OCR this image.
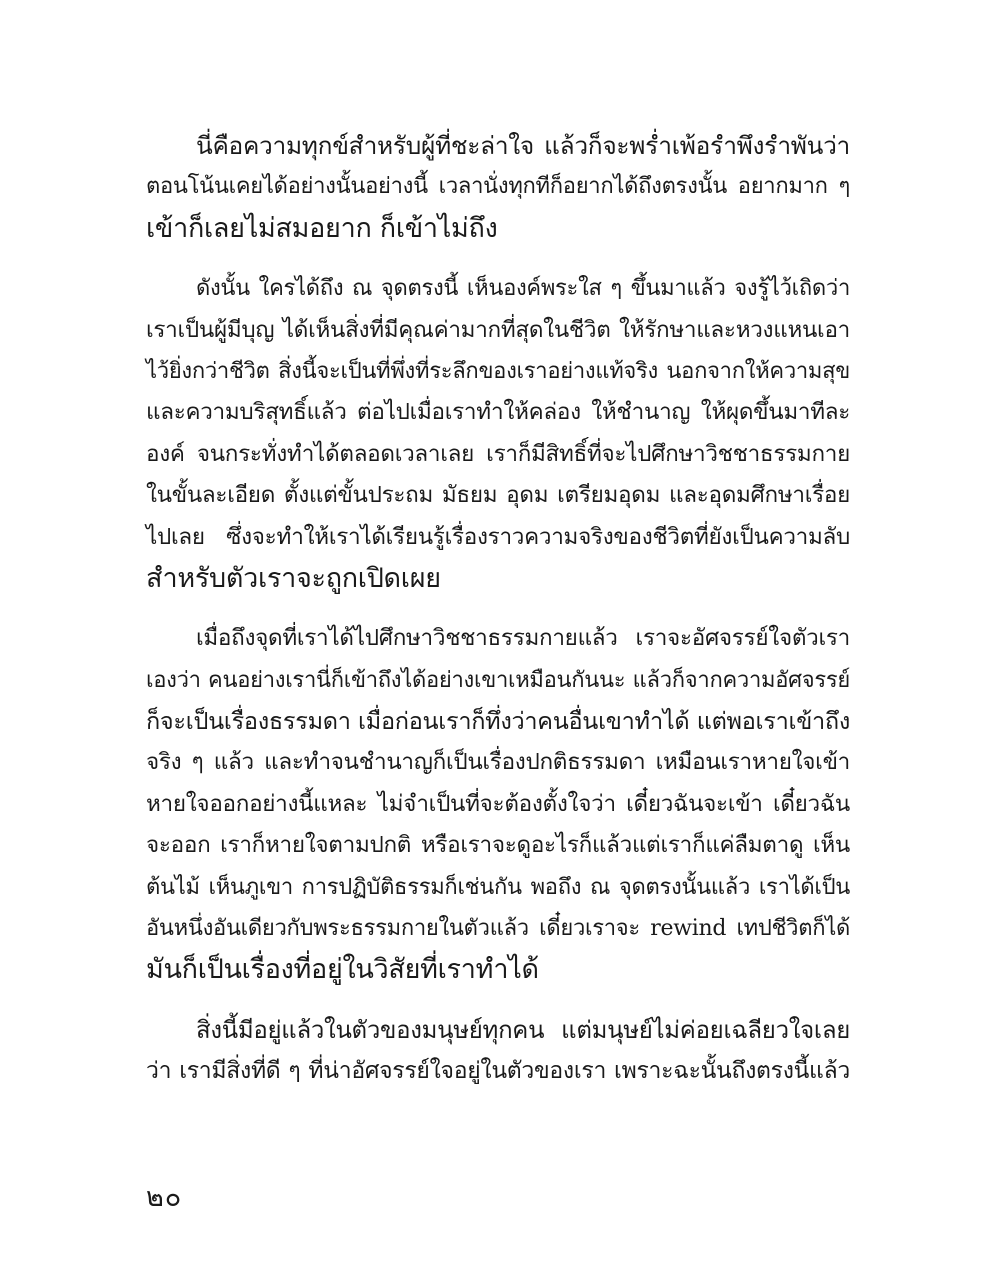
นี่คือความทุกข์สำหรับผู้ที่ชะล่าใจ แล้วก็จะพร่ำเพ้อรำพึงรำพันว่า
ตอนโน้นเคยได้อย่างนั้นอย่างนี้ เวลานั่งทุกทีก็อยากได้ถึงตรงนั้น อยากมาก ๆ
เข้าก็เลยไม่สมอยาก ก็เข้าไม่ถึง
ดังนั้น ใครได้ถึง ณ จุดตรงนี้ เห็นองค์พระใส ๆ ขึ้นมาแล้ว จงรู้ไว้เถิดว่า
เราเป็นผู้มีบุญ ได้เห็นสิ่งที่มีคุณค่ามากที่สุดในชีวิต ให้รักษาและหวงแหนเอา
ไว้ยิ่งกว่าชีวิต สิ่งนี้จะเป็นที่พึ่งที่ระลึกของเราอย่างแท้จริง นอกจากให้ความสุข
และความบริสุทธิ์แล้ว ต่อไปเมื่อเราทำให้คล่อง ให้ชำนาญ ให้ผุดขึ้นมาทีละ
องค์ จนกระทั่งทำได้ตลอดเวลาเลย เราก็มีสิทธิ์ที่จะไปศึกษาวิชชาธรรมกาย
ในขั้นละเอียด ตั้งแต่ขั้นประถม มัธยม อุดม เตรียมอุดม และอุดมศึกษาเรื่อย
ไปเลย ซึ่งจะทำให้เราได้เรียนรู้เรื่องราวความจริงของชีวิตที่ยังเป็นความลับ
สำหรับตัวเราจะถูกเปิดเผย
เมื่อถึงจุดที่เราได้ไปศึกษาวิชชาธรรมกายแล้ว เราจะอัศจรรย์ใจตัวเรา
เองว่า คนอย่างเรานี่ก็เข้าถึงได้อย่างเขาเหมือนกันนะ แล้วก็จากความอัศจรรย์
ก็จะเป็นเรื่องธรรมดา เมื่อก่อนเราก็ทึ่งว่าคนอื่นเขาทำได้ แต่พอเราเข้าถึง
จริง ๆ แล้ว และทำจนชำนาญก็เป็นเรื่องปกติธรรมดา เหมือนเราหายใจเข้า
หายใจออกอย่างนี้แหละ ไม่จำเป็นที่จะต้องตั้งใจว่า เดี๋ยวฉันจะเข้า เดี๋ยวฉัน
จะออก เราก็หายใจตามปกติ หรือเราจะดูอะไรก็แล้วแต่เราก็แค่ลืมตาดู เห็น
ต้นไม้ เห็นภูเขา การปฏิบัติธรรมก็เช่นกัน พอถึง ณ จุดตรงนั้นแล้ว เราได้เป็น
อันหนึ่งอันเดียวกับพระธรรมกายในตัวแล้ว เดี๋ยวเราจะ rewind เทปชีวิตก็ได้
มันก็เป็นเรื่องที่อยู่ในวิสัยที่เราทำได้
สิ่งนี้มีอยู่แล้วในตัวของมนุษย์ทุกคน แต่มนุษย์ไม่ค่อยเฉลียวใจเลย
ว่า เรามีสิ่งที่ดี ๆ ที่น่าอัศจรรย์ใจอยู่ในตัวของเรา เพราะฉะนั้นถึงตรงนี้แล้ว
๒๐
